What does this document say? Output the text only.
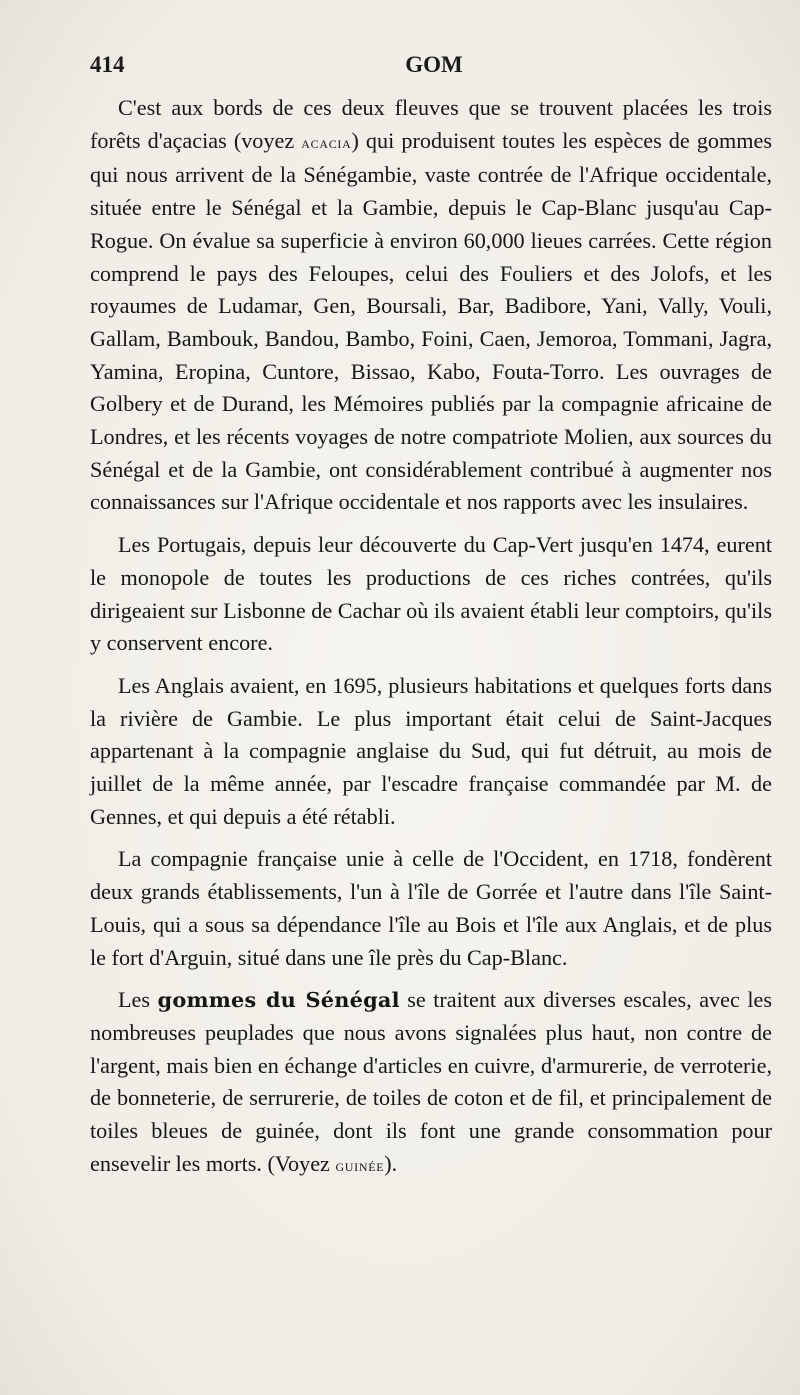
414	GOM

C'est aux bords de ces deux fleuves que se trouvent placées les trois forêts d'açacias (voyez acacia) qui produisent toutes les espèces de gommes qui nous arrivent de la Sénégambie, vaste contrée de l'Afrique occidentale, située entre le Sénégal et la Gambie, depuis le Cap-Blanc jusqu'au Cap-Rogue. On évalue sa superficie à environ 60,000 lieues carrées. Cette région comprend le pays des Feloupes, celui des Fouliers et des Jolofs, et les royaumes de Ludamar, Gen, Boursali, Bar, Badibore, Yani, Vally, Vouli, Gallam, Bambouk, Bandou, Bambo, Foini, Caen, Jemoroa, Tommani, Jagra, Yamina, Eropina, Cuntore, Bissao, Kabo, Fouta-Torro. Les ouvrages de Golbery et de Durand, les Mémoires publiés par la compagnie africaine de Londres, et les récents voyages de notre compatriote Molien, aux sources du Sénégal et de la Gambie, ont considérablement contribué à augmenter nos connaissances sur l'Afrique occidentale et nos rapports avec les insulaires.

Les Portugais, depuis leur découverte du Cap-Vert jusqu'en 1474, eurent le monopole de toutes les productions de ces riches contrées, qu'ils dirigeaient sur Lisbonne de Cachar où ils avaient établi leur comptoirs, qu'ils y conservent encore.

Les Anglais avaient, en 1695, plusieurs habitations et quelques forts dans la rivière de Gambie. Le plus important était celui de Saint-Jacques appartenant à la compagnie anglaise du Sud, qui fut détruit, au mois de juillet de la même année, par l'escadre française commandée par M. de Gennes, et qui depuis a été rétabli.

La compagnie française unie à celle de l'Occident, en 1718, fondèrent deux grands établissements, l'un à l'île de Gorrée et l'autre dans l'île Saint-Louis, qui a sous sa dépendance l'île au Bois et l'île aux Anglais, et de plus le fort d'Arguin, situé dans une île près du Cap-Blanc.

Les gommes du Sénégal se traitent aux diverses escales, avec les nombreuses peuplades que nous avons signalées plus haut, non contre de l'argent, mais bien en échange d'articles en cuivre, d'armurerie, de verroterie, de bonneterie, de serrurerie, de toiles de coton et de fil, et principalement de toiles bleues de guinée, dont ils font une grande consommation pour ensevelir les morts. (Voyez guinée).
